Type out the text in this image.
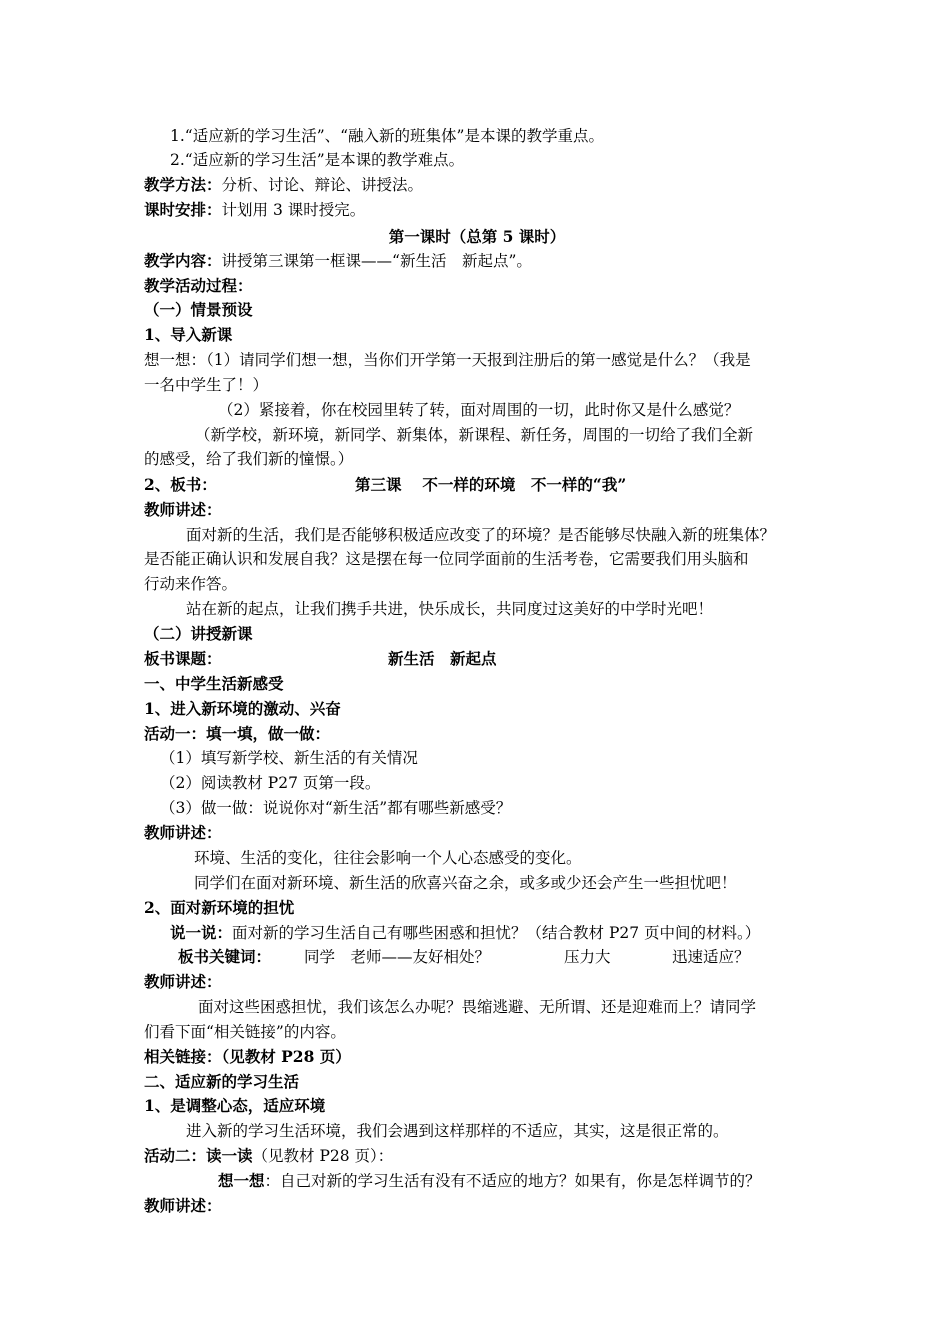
1.“适应新的学习生活”、“融入新的班集体”是本课的教学重点。
2.“适应新的学习生活”是本课的教学难点。
教学方法：分析、讨论、辩论、讲授法。
课时安排：计划用 3 课时授完。
第一课时（总第 5 课时）
教学内容：讲授第三课第一框课——“新生活　新起点”。
教学活动过程：
（一）情景预设
1、导入新课
想一想：（1）请同学们想一想，当你们开学第一天报到注册后的第一感觉是什么？（我是
一名中学生了！）
（2）紧接着，你在校园里转了转，面对周围的一切，此时你又是什么感觉？
（新学校，新环境，新同学、新集体，新课程、新任务，周围的一切给了我们全新
的感受，给了我们新的憧憬。）
2、板书：	第三课　 不一样的环境　不一样的“我”
教师讲述：
面对新的生活，我们是否能够积极适应改变了的环境？是否能够尽快融入新的班集体？
是否能正确认识和发展自我？这是摆在每一位同学面前的生活考卷，它需要我们用头脑和
行动来作答。
站在新的起点，让我们携手共进，快乐成长，共同度过这美好的中学时光吧！
（二）讲授新课
板书课题：	新生活　新起点
一、中学生活新感受
1、进入新环境的激动、兴奋
活动一：填一填，做一做：
（1）填写新学校、新生活的有关情况
（2）阅读教材 P27 页第一段。
（3）做一做：说说你对“新生活”都有哪些新感受？
教师讲述：
环境、生活的变化，往往会影响一个人心态感受的变化。
同学们在面对新环境、新生活的欣喜兴奋之余，或多或少还会产生一些担忧吧！
2、面对新环境的担忧
说一说：面对新的学习生活自己有哪些困惑和担忧？（结合教材 P27 页中间的材料。）
板书关键词：	同学　老师——友好相处？	压力大	迅速适应？
教师讲述：
面对这些困惑担忧，我们该怎么办呢？畏缩逃避、无所谓、还是迎难而上？请同学
们看下面“相关链接”的内容。
相关链接：（见教材 P28 页）
二、适应新的学习生活
1、是调整心态，适应环境
进入新的学习生活环境，我们会遇到这样那样的不适应，其实，这是很正常的。
活动二：读一读（见教材 P28 页）：
想一想：自己对新的学习生活有没有不适应的地方？如果有，你是怎样调节的？
教师讲述：
